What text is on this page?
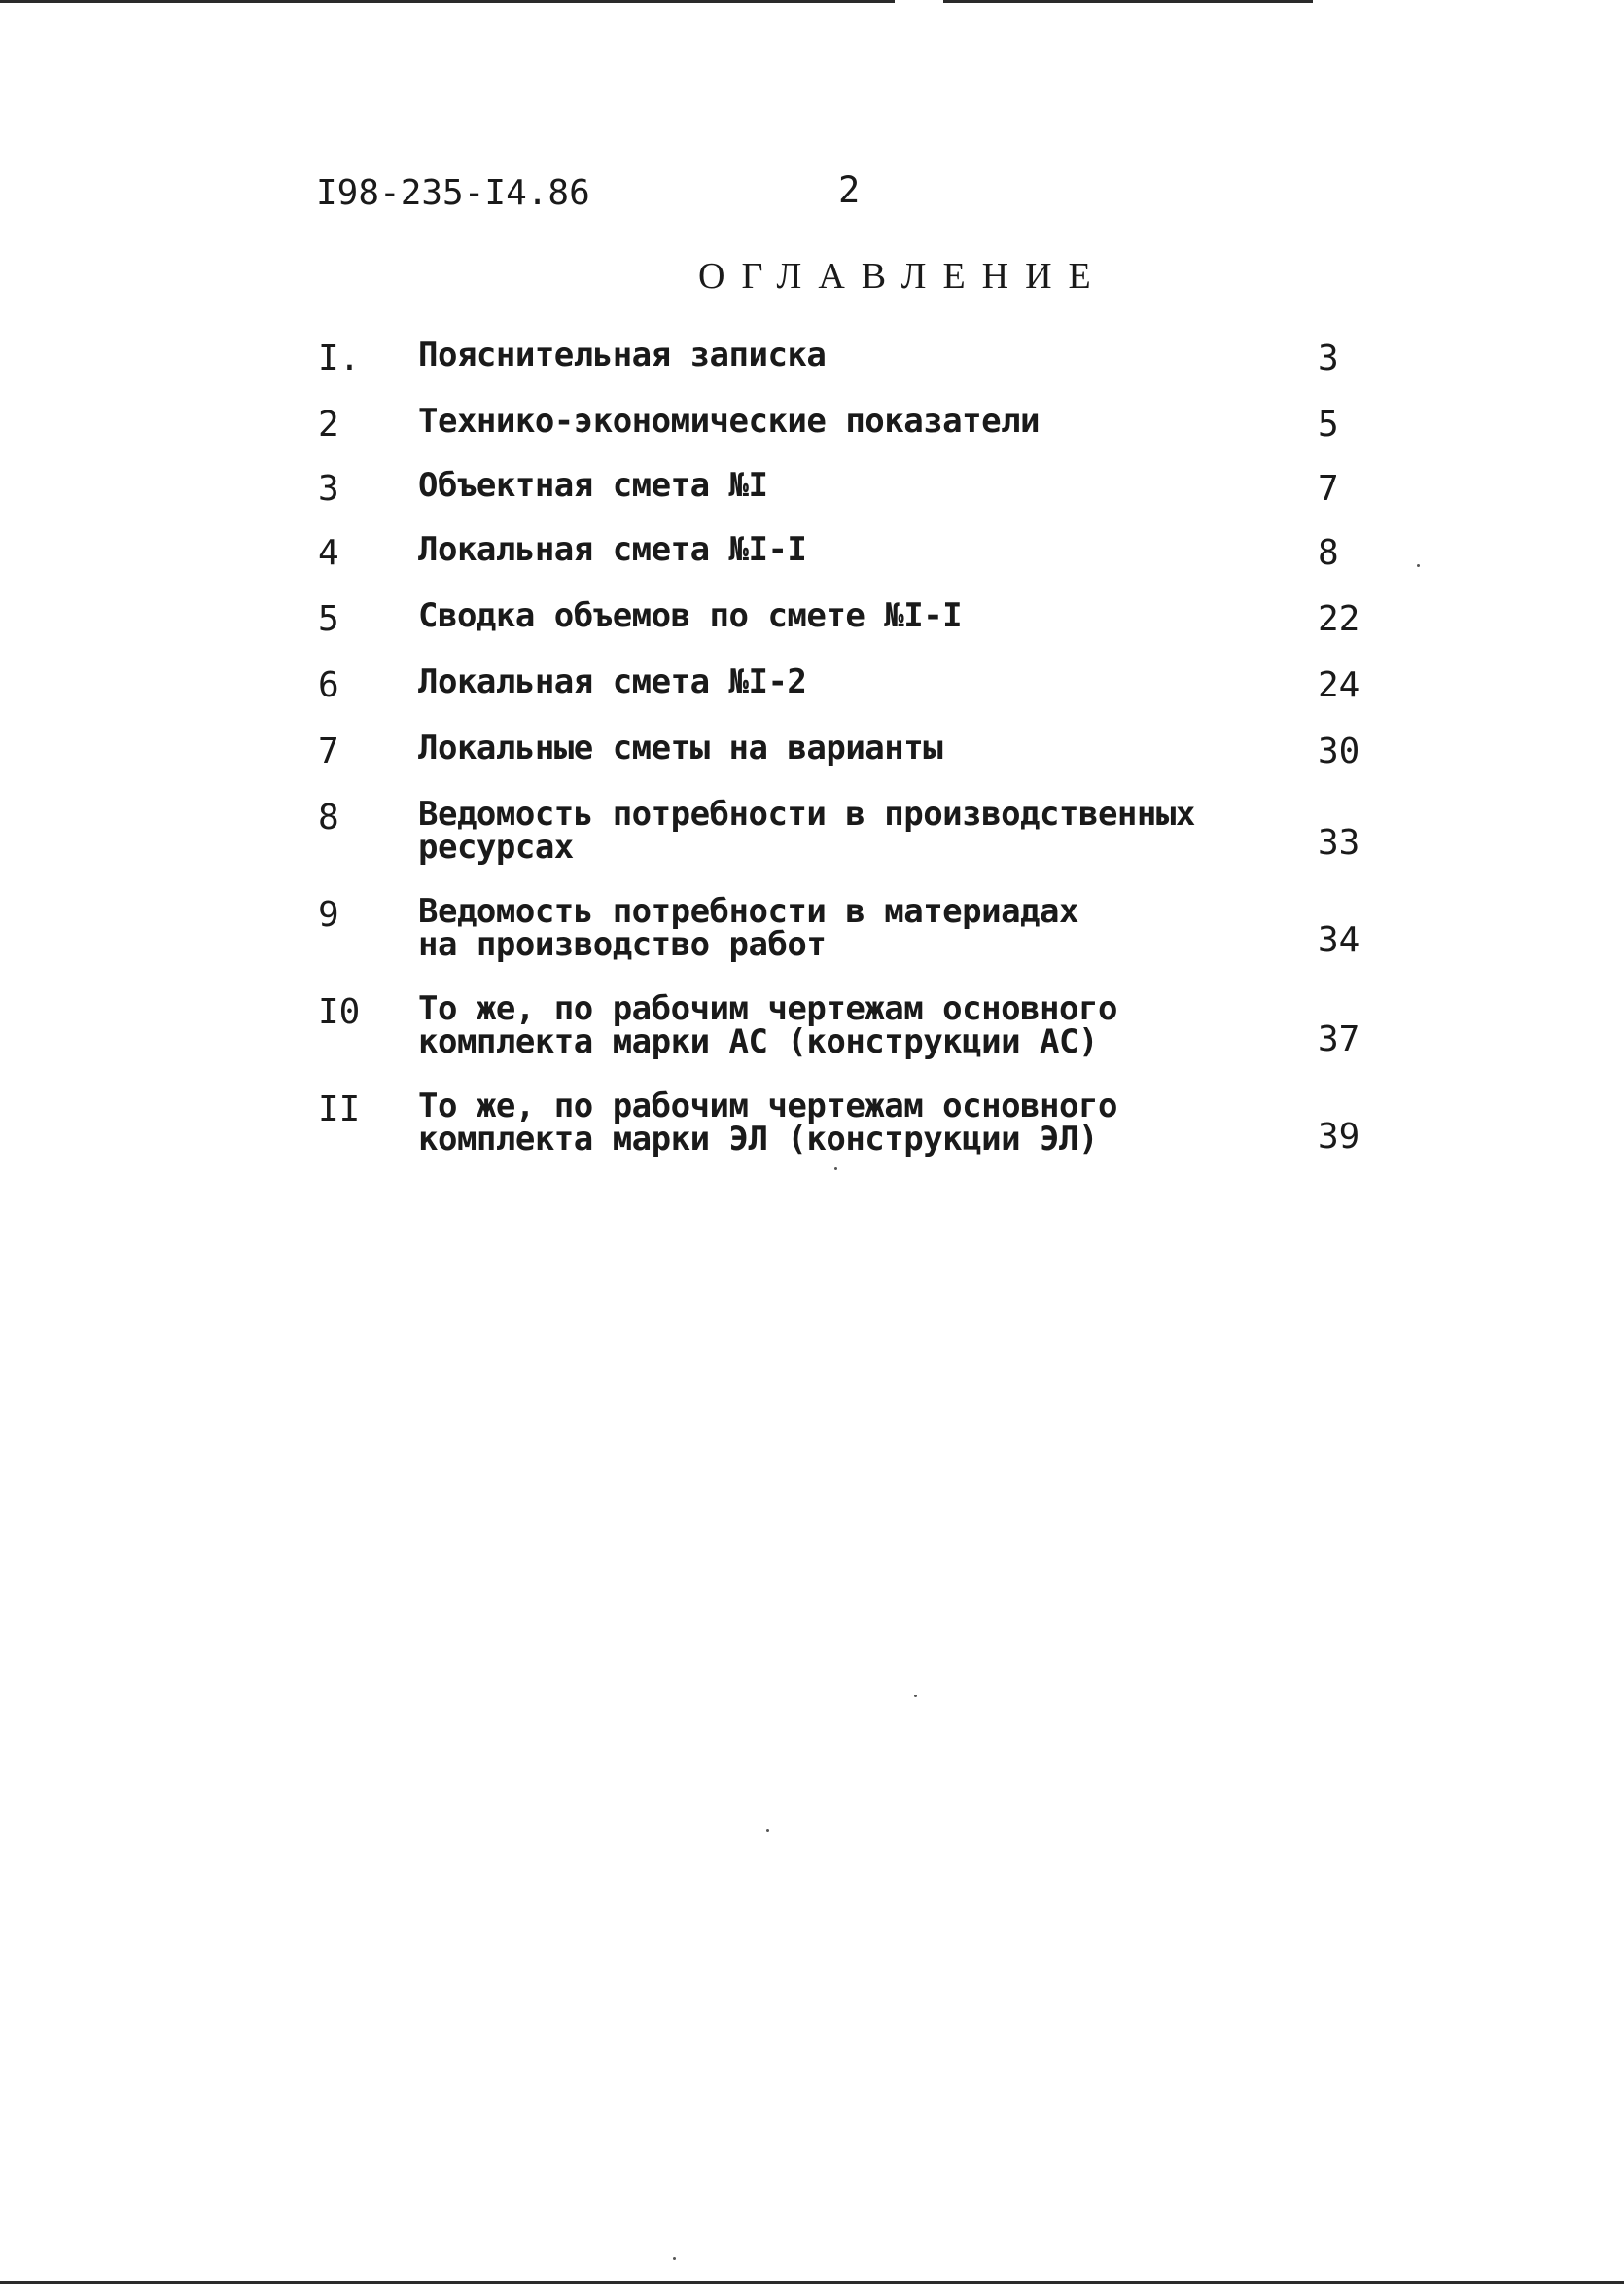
I98-235-I4.86	2
ОГЛАВЛЕНИЕ
I. Пояснительная записка	3
2 Технико-экономические показатели	5
3 Объектная смета №I	7
4 Локальная смета №I-I	8
5 Сводка объемов по смете №I-I	22
6 Локальная смета №I-2	24
7 Локальные сметы на варианты	30
8 Ведомость потребности в производственных
ресурсах	33
9 Ведомость потребности в материадах
на производство работ	34
I0 То же, по рабочим чертежам основного
комплекта марки АС (конструкции АС)	37
II То же, по рабочим чертежам основного
комплекта марки ЭЛ (конструкции ЭЛ)	39
